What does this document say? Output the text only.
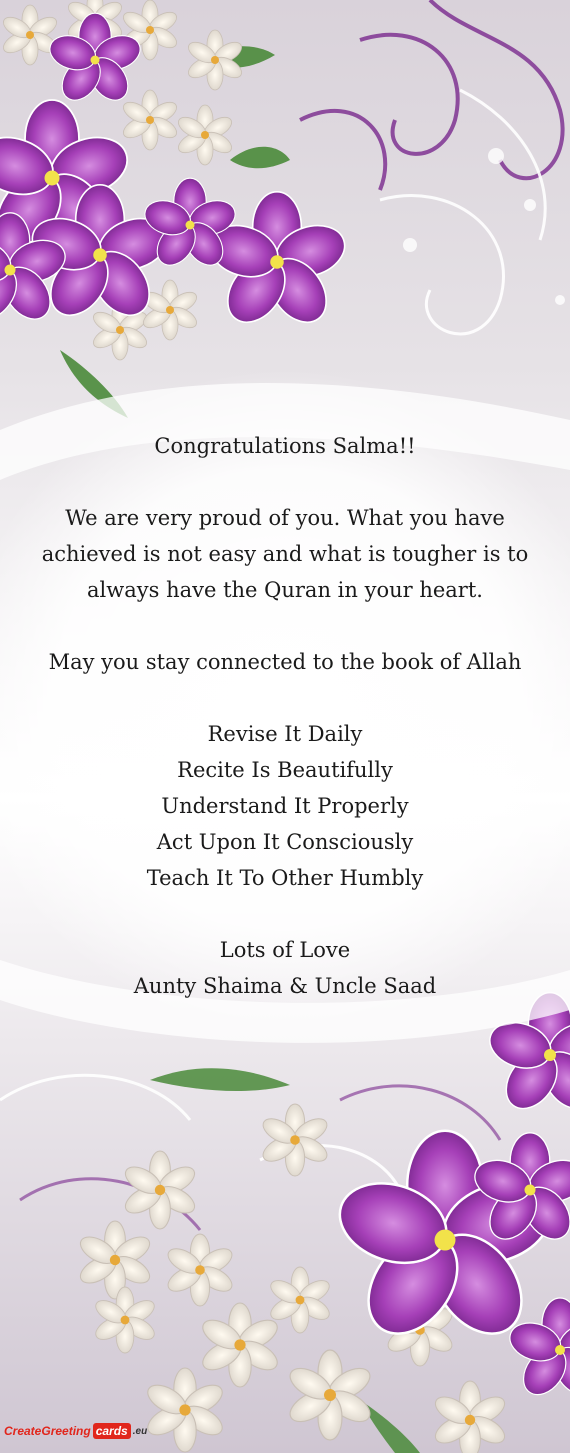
Congratulations Salma!!

We are very proud of you. What you have achieved is not easy and what is tougher is to always have the Quran in your heart.

May you stay connected to the book of Allah

Revise It Daily

Recite Is Beautifully

Understand It Properly

Act Upon It Consciously

Teach It To Other Humbly

Lots of Love

Aunty Shaima & Uncle Saad

CreateGreeting cards .eu
